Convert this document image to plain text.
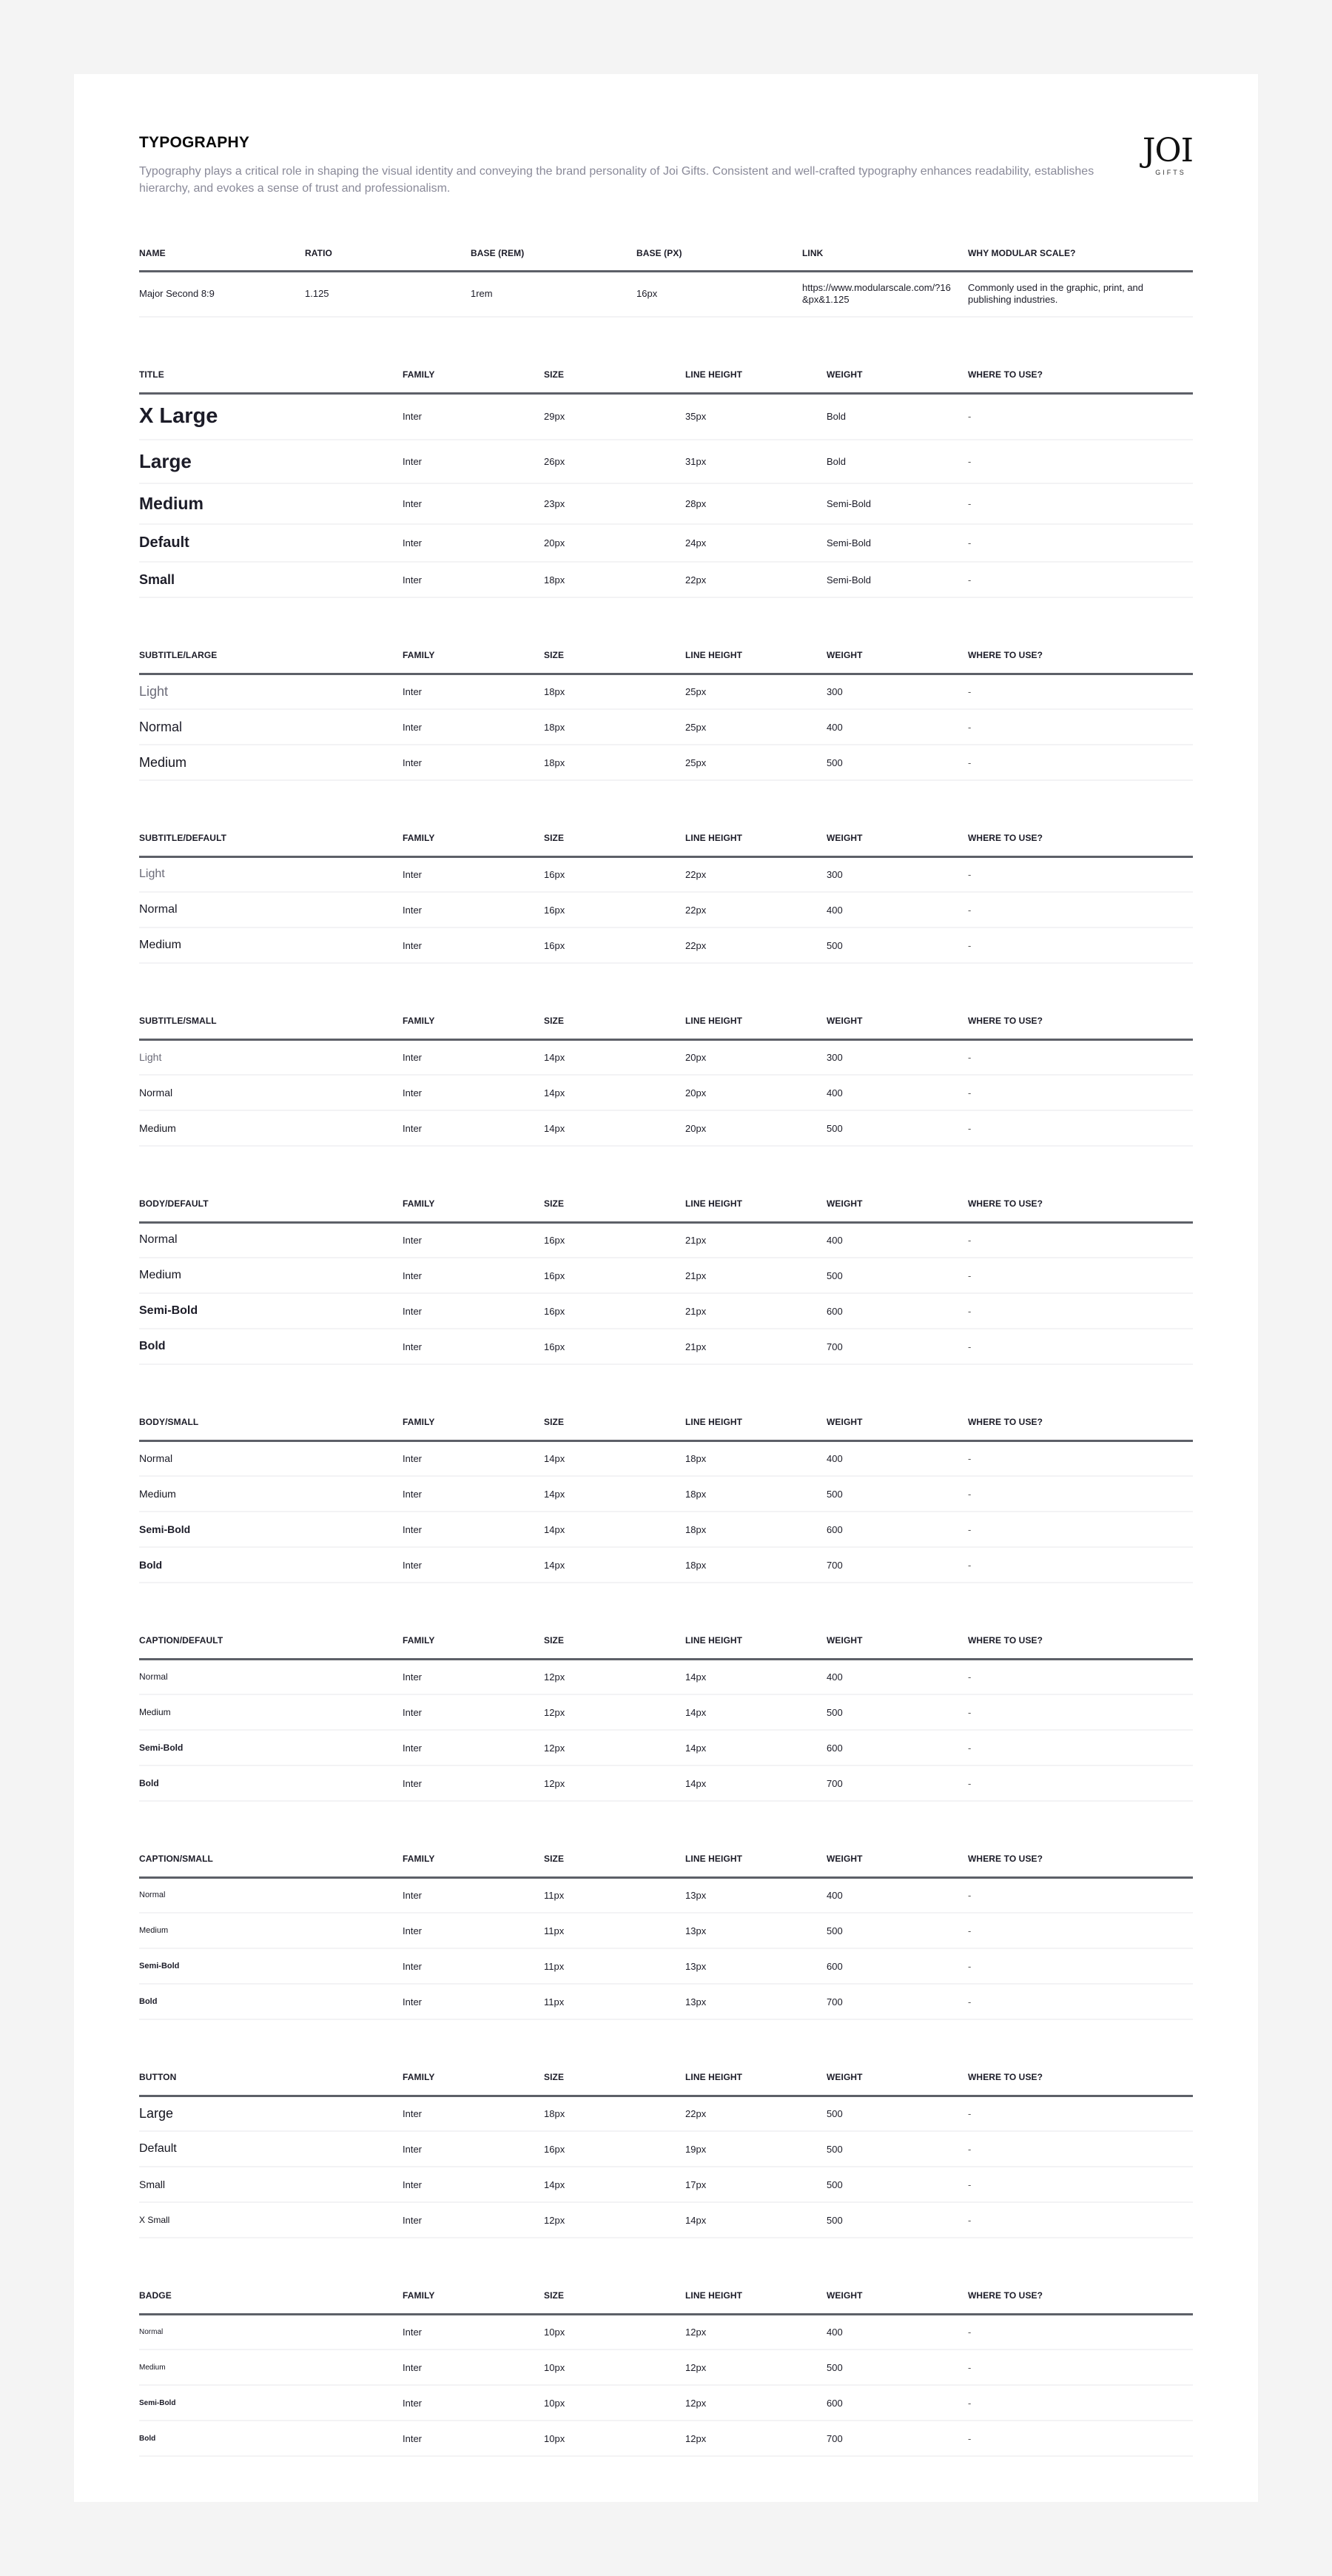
TYPOGRAPHY

Typography plays a critical role in shaping the visual identity and conveying the brand personality of Joi Gifts. Consistent and well-crafted typography enhances readability, establishes hierarchy, and evokes a sense of trust and professionalism.

JOI
GIFTS
NAME	RATIO	BASE (REM)	BASE (PX)	LINK	WHY MODULAR SCALE?
Major Second 8:9	1.125	1rem	16px	https://www.modularscale.com/?16&px&1.125	Commonly used in the graphic, print, and publishing industries.
TITLE	FAMILY	SIZE	LINE HEIGHT	WEIGHT	WHERE TO USE?
X Large	Inter	29px	35px	Bold	-
Large	Inter	26px	31px	Bold	-
Medium	Inter	23px	28px	Semi-Bold	-
Default	Inter	20px	24px	Semi-Bold	-
Small	Inter	18px	22px	Semi-Bold	-
SUBTITLE/LARGE	FAMILY	SIZE	LINE HEIGHT	WEIGHT	WHERE TO USE?
Light	Inter	18px	25px	300	-
Normal	Inter	18px	25px	400	-
Medium	Inter	18px	25px	500	-
SUBTITLE/DEFAULT	FAMILY	SIZE	LINE HEIGHT	WEIGHT	WHERE TO USE?
Light	Inter	16px	22px	300	-
Normal	Inter	16px	22px	400	-
Medium	Inter	16px	22px	500	-
SUBTITLE/SMALL	FAMILY	SIZE	LINE HEIGHT	WEIGHT	WHERE TO USE?
Light	Inter	14px	20px	300	-
Normal	Inter	14px	20px	400	-
Medium	Inter	14px	20px	500	-
BODY/DEFAULT	FAMILY	SIZE	LINE HEIGHT	WEIGHT	WHERE TO USE?
Normal	Inter	16px	21px	400	-
Medium	Inter	16px	21px	500	-
Semi-Bold	Inter	16px	21px	600	-
Bold	Inter	16px	21px	700	-
BODY/SMALL	FAMILY	SIZE	LINE HEIGHT	WEIGHT	WHERE TO USE?
Normal	Inter	14px	18px	400	-
Medium	Inter	14px	18px	500	-
Semi-Bold	Inter	14px	18px	600	-
Bold	Inter	14px	18px	700	-
CAPTION/DEFAULT	FAMILY	SIZE	LINE HEIGHT	WEIGHT	WHERE TO USE?
Normal	Inter	12px	14px	400	-
Medium	Inter	12px	14px	500	-
Semi-Bold	Inter	12px	14px	600	-
Bold	Inter	12px	14px	700	-
CAPTION/SMALL	FAMILY	SIZE	LINE HEIGHT	WEIGHT	WHERE TO USE?
Normal	Inter	11px	13px	400	-
Medium	Inter	11px	13px	500	-
Semi-Bold	Inter	11px	13px	600	-
Bold	Inter	11px	13px	700	-
BUTTON	FAMILY	SIZE	LINE HEIGHT	WEIGHT	WHERE TO USE?
Large	Inter	18px	22px	500	-
Default	Inter	16px	19px	500	-
Small	Inter	14px	17px	500	-
X Small	Inter	12px	14px	500	-
BADGE	FAMILY	SIZE	LINE HEIGHT	WEIGHT	WHERE TO USE?
Normal	Inter	10px	12px	400	-
Medium	Inter	10px	12px	500	-
Semi-Bold	Inter	10px	12px	600	-
Bold	Inter	10px	12px	700	-
